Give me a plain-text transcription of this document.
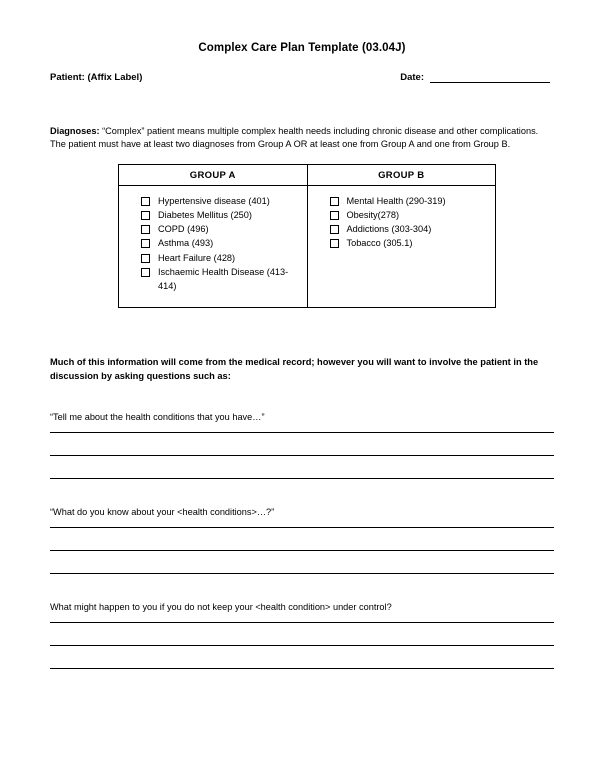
Complex Care Plan Template (03.04J)
Patient: (Affix Label)	Date:
Diagnoses: “Complex” patient means multiple complex health needs including chronic disease and other complications. The patient must have at least two diagnoses from Group A OR at least one from Group A and one from Group B.
GROUP A	GROUP B

Hypertensive disease (401)
Diabetes Mellitus (250)
COPD (496)
Asthma (493)
Heart Failure (428)
Ischaemic Health Disease (413-414)

Mental Health (290-319)
Obesity(278)
Addictions (303-304)
Tobacco (305.1)
Much of this information will come from the medical record; however you will want to involve the patient in the discussion by asking questions such as:
“Tell me about the health conditions that you have…”
“What do you know about your <health conditions>…?”
What might happen to you if you do not keep your <health condition> under control?
